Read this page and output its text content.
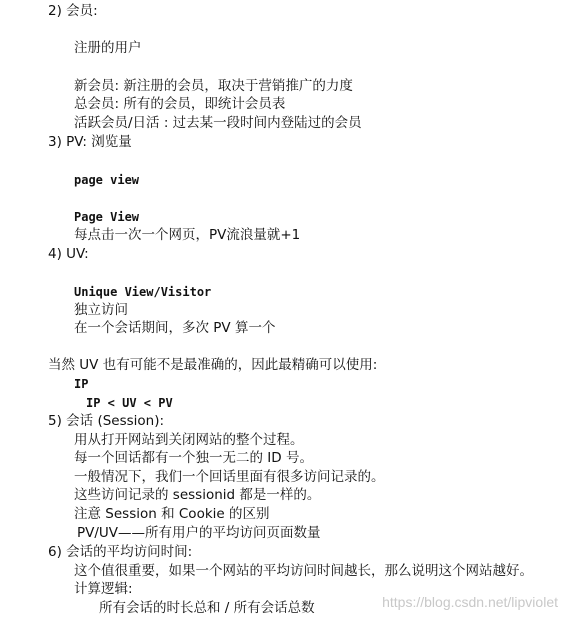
2) 会员:
注册的用户
新会员: 新注册的会员，取决于营销推广的力度
总会员: 所有的会员，即统计会员表
活跃会员/日活 : 过去某一段时间内登陆过的会员
3) PV: 浏览量
page view
Page View
每点击一次一个网页，PV流浪量就+1
4) UV:
Unique View/Visitor
独立访问
在一个会话期间，多次 PV 算一个
当然 UV 也有可能不是最准确的，因此最精确可以使用:
IP
IP < UV < PV
5) 会话 (Session):
用从打开网站到关闭网站的整个过程。
每一个回话都有一个独一无二的 ID 号。
一般情况下，我们一个回话里面有很多访问记录的。
这些访问记录的 sessionid 都是一样的。
注意 Session 和 Cookie 的区别
PV/UV——所有用户的平均访问页面数量
6) 会话的平均访问时间:
这个值很重要，如果一个网站的平均访问时间越长，那么说明这个网站越好。
计算逻辑:
所有会话的时长总和 / 所有会话总数	https://blog.csdn.net/lipviolet
